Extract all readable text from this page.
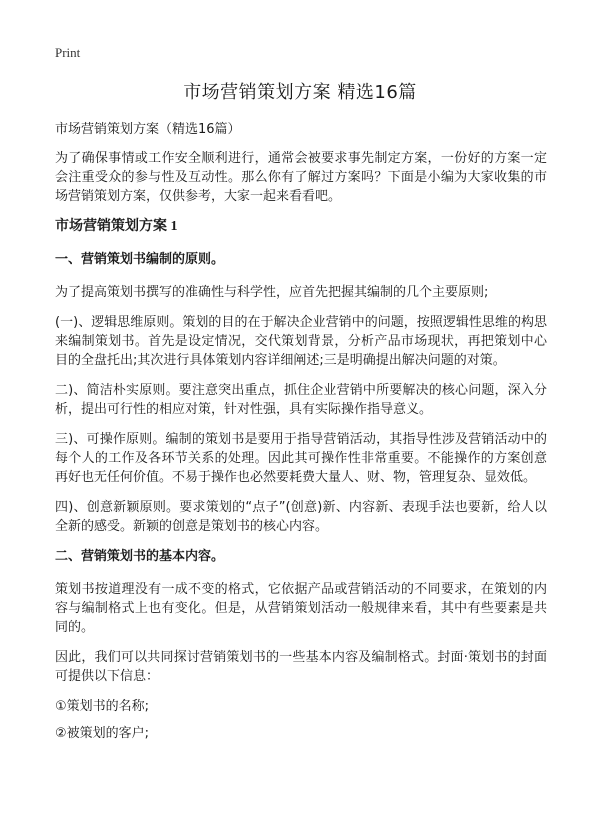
Print
市场营销策划方案 精选16篇

市场营销策划方案（精选16篇）

为了确保事情或工作安全顺利进行，通常会被要求事先制定方案，一份好的方案一定会注重受众的参与性及互动性。那么你有了解过方案吗？下面是小编为大家收集的市场营销策划方案，仅供参考，大家一起来看看吧。

市场营销策划方案 1

一、营销策划书编制的原则。

为了提高策划书撰写的准确性与科学性，应首先把握其编制的几个主要原则;

(一)、逻辑思维原则。策划的目的在于解决企业营销中的问题，按照逻辑性思维的构思来编制策划书。首先是设定情况，交代策划背景，分析产品市场现状，再把策划中心目的全盘托出;其次进行具体策划内容详细阐述;三是明确提出解决问题的对策。

二)、简洁朴实原则。要注意突出重点，抓住企业营销中所要解决的核心问题，深入分析，提出可行性的相应对策，针对性强，具有实际操作指导意义。

三)、可操作原则。编制的策划书是要用于指导营销活动，其指导性涉及营销活动中的每个人的工作及各环节关系的处理。因此其可操作性非常重要。不能操作的方案创意再好也无任何价值。不易于操作也必然要耗费大量人、财、物，管理复杂、显效低。

四)、创意新颖原则。要求策划的“点子”(创意)新、内容新、表现手法也要新，给人以全新的感受。新颖的创意是策划书的核心内容。

二、营销策划书的基本内容。

策划书按道理没有一成不变的格式，它依据产品或营销活动的不同要求，在策划的内容与编制格式上也有变化。但是，从营销策划活动一般规律来看，其中有些要素是共同的。

因此，我们可以共同探讨营销策划书的一些基本内容及编制格式。封面·策划书的封面可提供以下信息：

①策划书的名称;

②被策划的客户;
